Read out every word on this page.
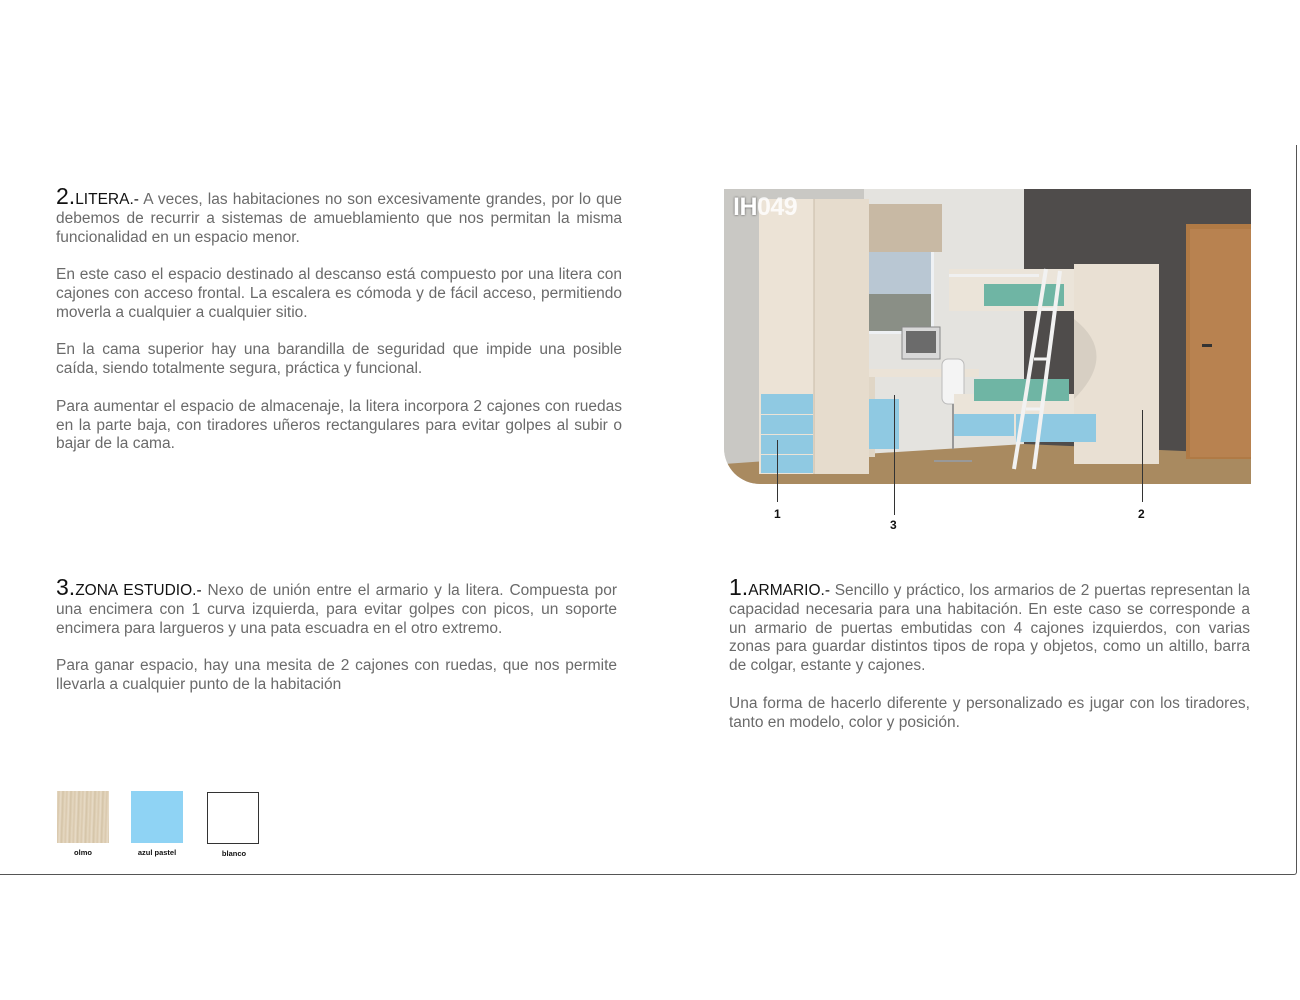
2.LITERA.- A veces, las habitaciones no son excesivamente grandes, por lo que debemos de recurrir a sistemas de amueblamiento que nos permitan la misma funcionalidad en un espacio menor.

En este caso el espacio destinado al descanso está compuesto por una litera con cajones con acceso frontal. La escalera es cómoda y de fácil acceso, permitiendo moverla a cualquier a cualquier sitio.

En la cama superior hay una barandilla de seguridad que impide una posible caída, siendo totalmente segura, práctica y funcional.

Para aumentar el espacio de almacenaje, la litera incorpora 2 cajones con ruedas en la parte baja, con tiradores uñeros rectangulares para evitar golpes al subir o bajar de la cama.

3.ZONA ESTUDIO.- Nexo de unión entre el armario y la litera. Compuesta por una encimera con 1 curva izquierda, para evitar golpes con picos, un soporte encimera para largueros y una pata escuadra en el otro extremo.

Para ganar espacio, hay una mesita de 2 cajones con ruedas, que nos permite llevarla a cualquier punto de la habitación

1.ARMARIO.- Sencillo y práctico, los armarios de 2 puertas representan la capacidad necesaria para una habitación. En este caso se corresponde a un armario de puertas embutidas con 4 cajones izquierdos, con varias zonas para guardar distintos tipos de ropa y objetos, como un altillo, barra de colgar, estante y cajones.

Una forma de hacerlo diferente y personalizado es jugar con los tiradores, tanto en modelo, color y posición.

IH049
1
3
2
olmo	azul pastel	blanco
